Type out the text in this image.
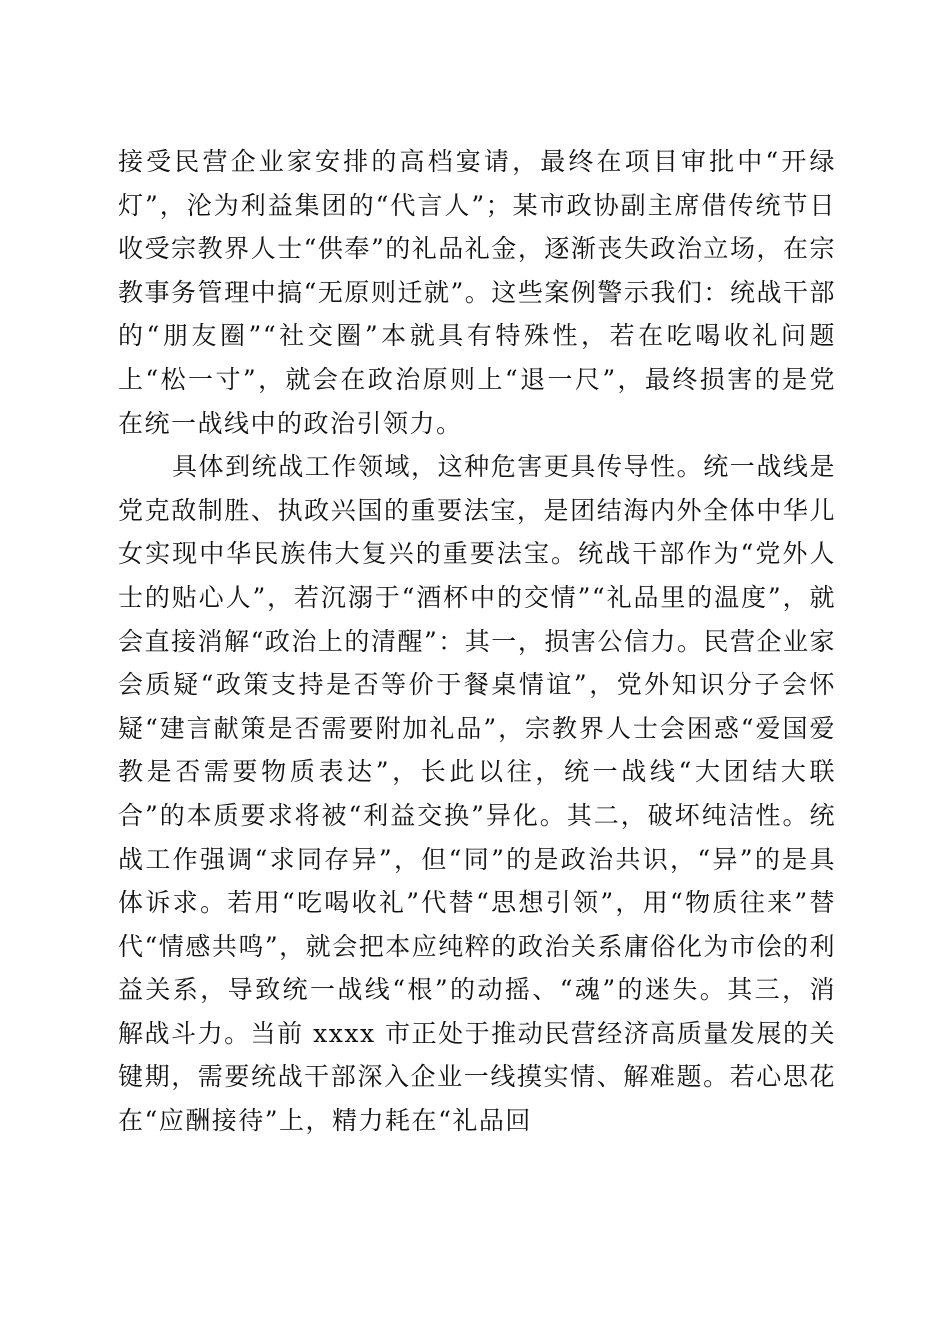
接受民营企业家安排的高档宴请，最终在项目审批中“开绿灯”，沦为利益集团的“代言人”；某市政协副主席借传统节日收受宗教界人士“供奉”的礼品礼金，逐渐丧失政治立场，在宗教事务管理中搞“无原则迁就”。这些案例警示我们：统战干部的“朋友圈”“社交圈”本就具有特殊性，若在吃喝收礼问题上“松一寸”，就会在政治原则上“退一尺”，最终损害的是党在统一战线中的政治引领力。

具体到统战工作领域，这种危害更具传导性。统一战线是党克敌制胜、执政兴国的重要法宝，是团结海内外全体中华儿女实现中华民族伟大复兴的重要法宝。统战干部作为“党外人士的贴心人”，若沉溺于“酒杯中的交情”“礼品里的温度”，就会直接消解“政治上的清醒”：其一，损害公信力。民营企业家会质疑“政策支持是否等价于餐桌情谊”，党外知识分子会怀疑“建言献策是否需要附加礼品”，宗教界人士会困惑“爱国爱教是否需要物质表达”，长此以往，统一战线“大团结大联合”的本质要求将被“利益交换”异化。其二，破坏纯洁性。统战工作强调“求同存异”，但“同”的是政治共识，“异”的是具体诉求。若用“吃喝收礼”代替“思想引领”，用“物质往来”替代“情感共鸣”，就会把本应纯粹的政治关系庸俗化为市侩的利益关系，导致统一战线“根”的动摇、“魂”的迷失。其三，消解战斗力。当前 xxxx 市正处于推动民营经济高质量发展的关键期，需要统战干部深入企业一线摸实情、解难题。若心思花在“应酬接待”上，精力耗在“礼品回
